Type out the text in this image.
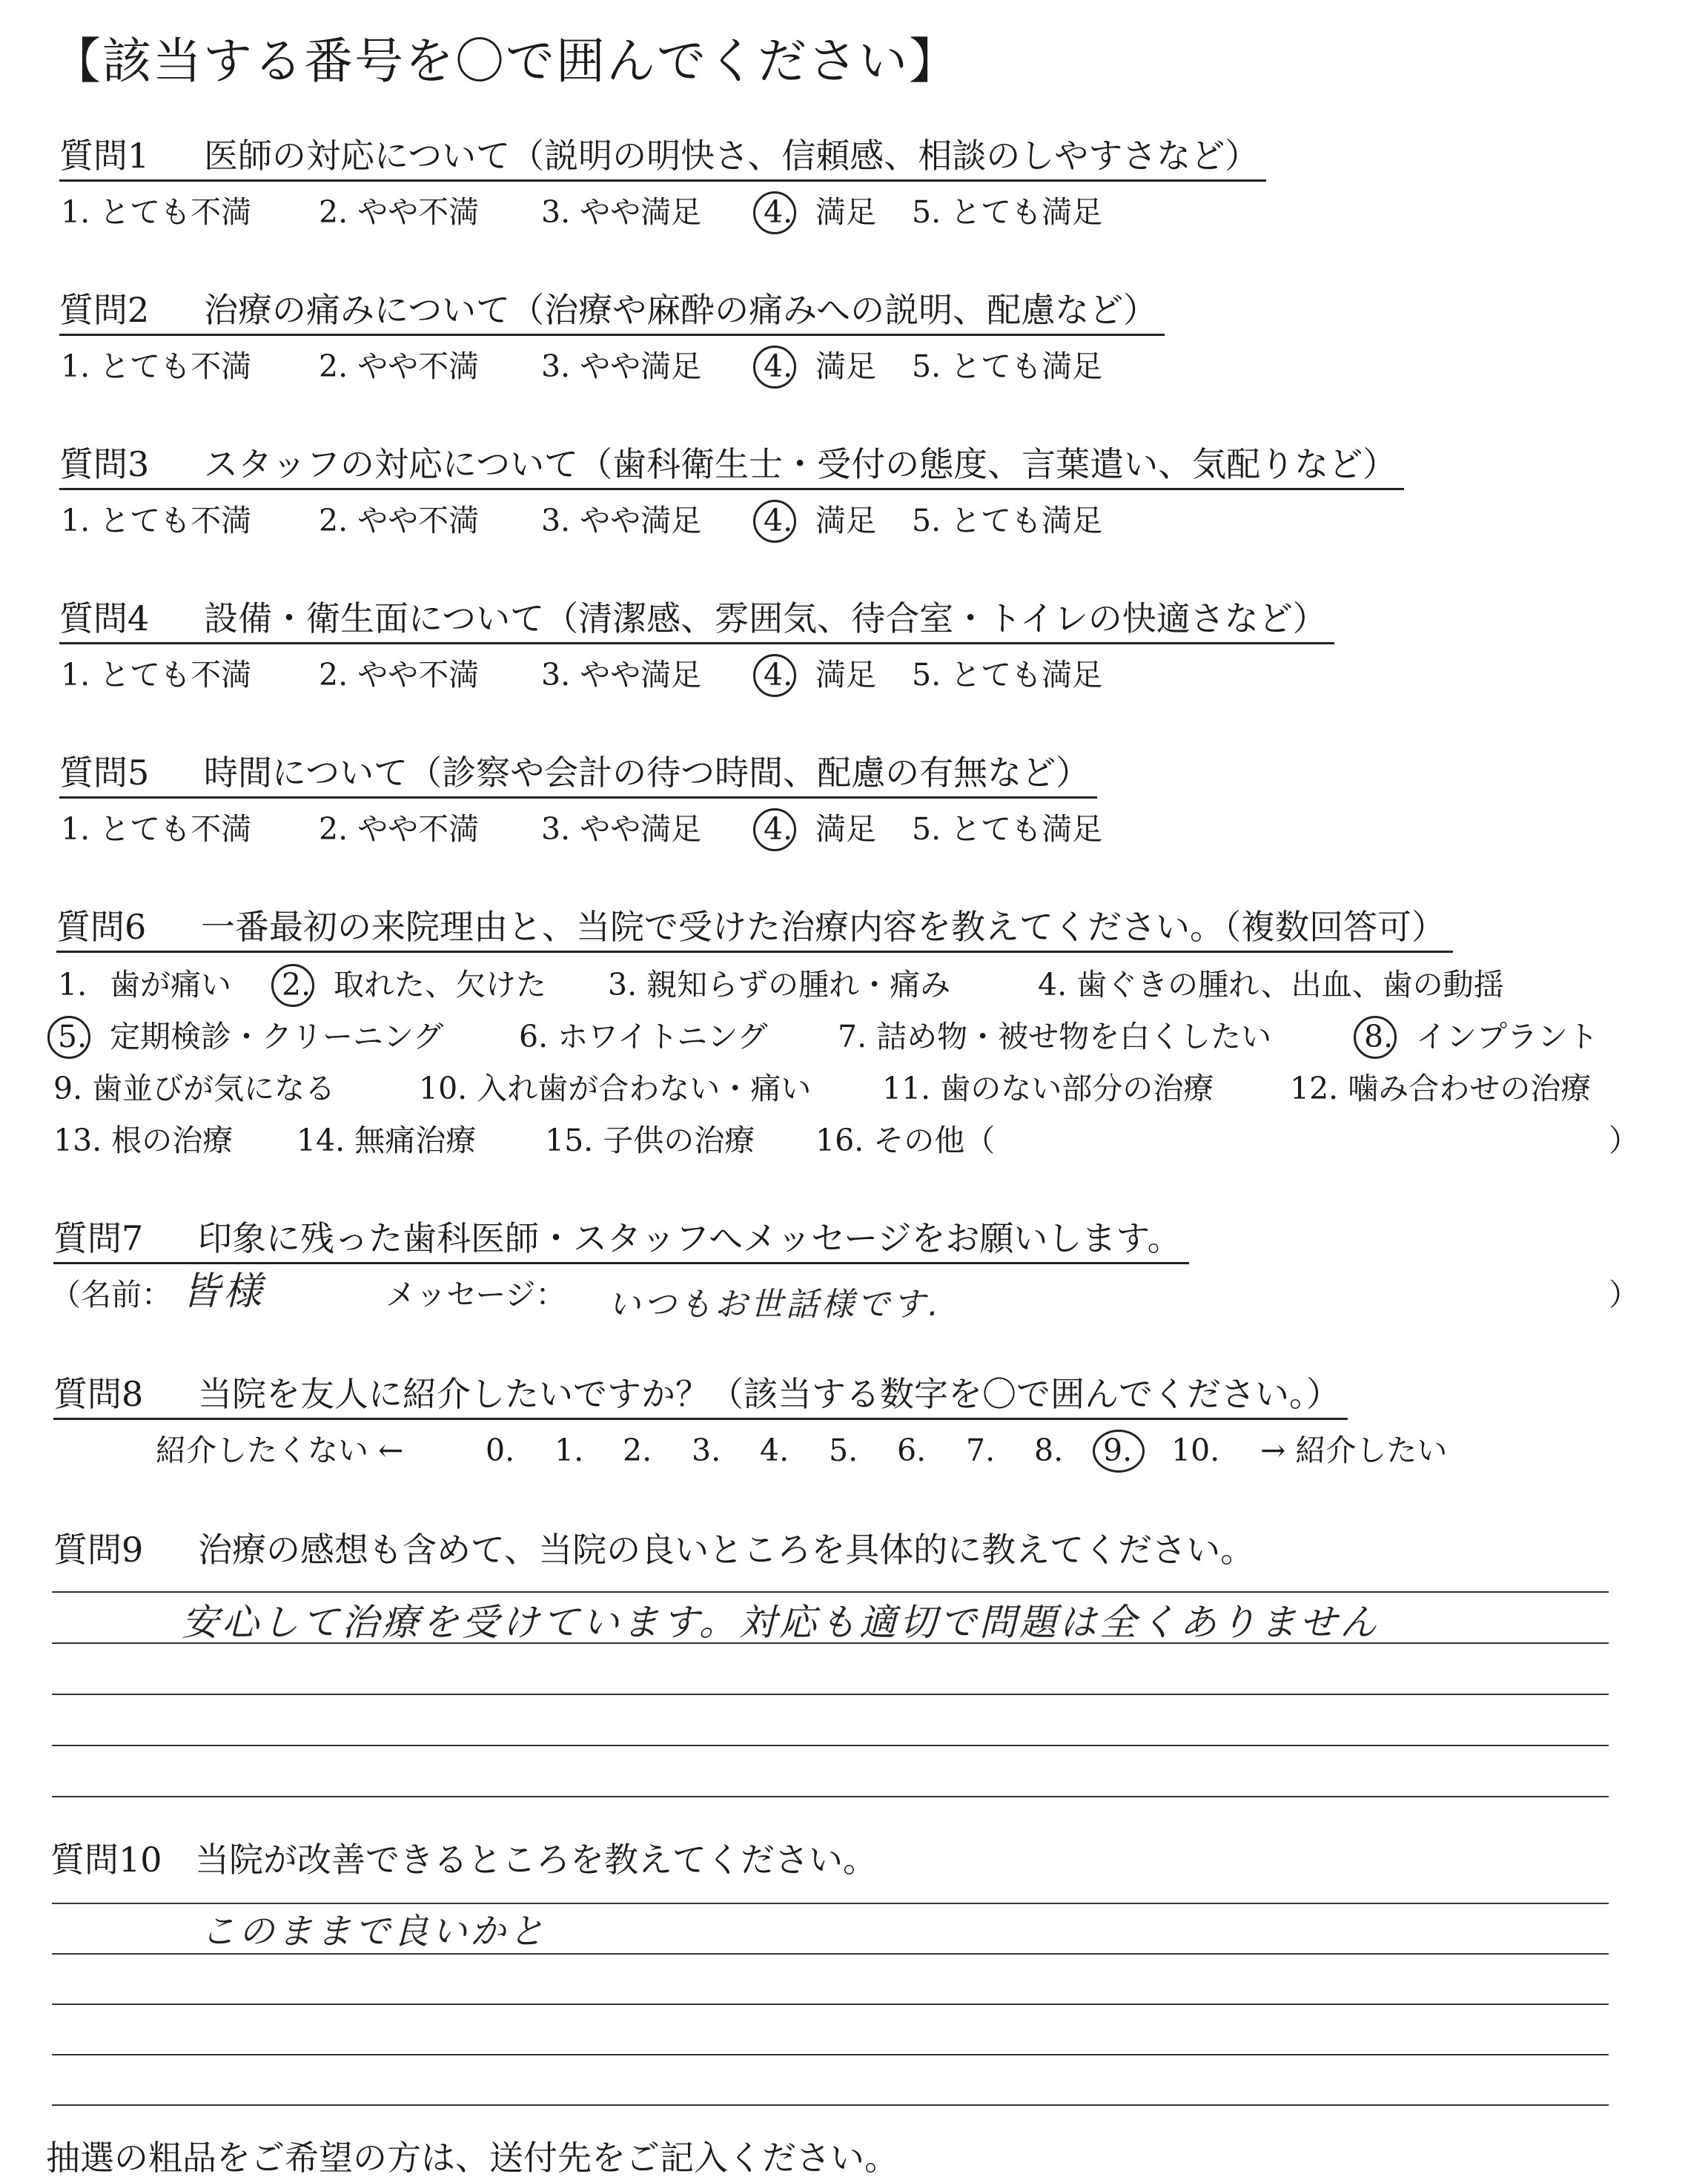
【該当する番号を〇で囲んでください】
質問1 医師の対応について（説明の明快さ、信頼感、相談のしやすさなど）
1. とても不満 2. やや不満 3. やや満足 4. 満足 5. とても満足
質問2 治療の痛みについて（治療や麻酔の痛みへの説明、配慮など）
1. とても不満 2. やや不満 3. やや満足 4. 満足 5. とても満足
質問3 スタッフの対応について（歯科衛生士・受付の態度、言葉遣い、気配りなど）
1. とても不満 2. やや不満 3. やや満足 4. 満足 5. とても満足
質問4 設備・衛生面について（清潔感、雰囲気、待合室・トイレの快適さなど）
1. とても不満 2. やや不満 3. やや満足 4. 満足 5. とても満足
質問5 時間について（診察や会計の待つ時間、配慮の有無など）
1. とても不満 2. やや不満 3. やや満足 4. 満足 5. とても満足
質問6 一番最初の来院理由と、当院で受けた治療内容を教えてください。（複数回答可）
1. 歯が痛い 2. 取れた、欠けた 3. 親知らずの腫れ・痛み	4. 歯ぐきの腫れ、出血、歯の動揺
5. 定期検診・クリーニング 6. ホワイトニング 7. 詰め物・被せ物を白くしたい	8. インプラント
9. 歯並びが気になる	10. 入れ歯が合わない・痛い 11. 歯のない部分の治療	12. 噛み合わせの治療
13. 根の治療 14. 無痛治療 15. 子供の治療 16. その他（	）
質問7 印象に残った歯科医師・スタッフへメッセージをお願いします。
（名前： 皆様	メッセージ： いつもお世話様です.	）
質問8 当院を友人に紹介したいですか？（該当する数字を〇で囲んでください。）
紹介したくない ←	0. 1. 2. 3. 4. 5. 6. 7. 8. 9. 10. → 紹介したい
質問9 治療の感想も含めて、当院の良いところを具体的に教えてください。
安心して治療を受けています。対応も適切で問題は全くありません
質問10 当院が改善できるところを教えてください。
このままで良いかと
抽選の粗品をご希望の方は、送付先をご記入ください。
